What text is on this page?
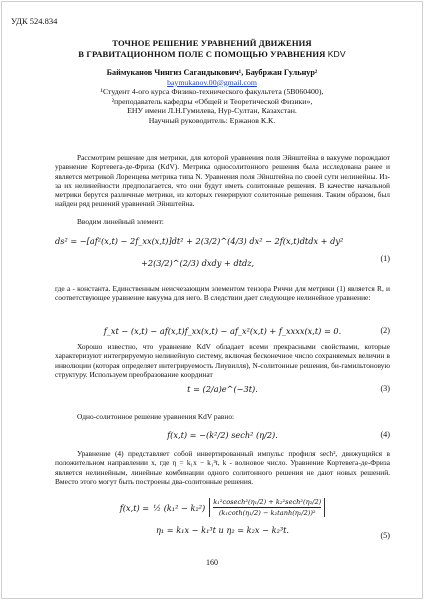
УДК 524.834
ТОЧНОЕ РЕШЕНИЕ УРАВНЕНИЙ ДВИЖЕНИЯ
В ГРАВИТАЦИОННОМ ПОЛЕ С ПОМОЩЬЮ УРАВНЕНИЯ KDV
Баймуканов Чингиз Сагандыкович¹, Баубржан Гульнур²
baymukanov.00@gmail.com
¹Студент 4-ого курса Физико-технического факультета (5В060400),
²преподаватель кафедры «Общей и Теоретической Физики»,
ЕНУ имени Л.Н.Гумилева, Нур-Султан, Казахстан.
Научный руководитель: Ержанов К.К.
Рассмотрим решение для метрики, для которой уравнения поля Эйнштейна в вакууме порождают уравнение Кортевега-де-Фриза (KdV). Метрика односолитонного решения была исследована ранее и является метрикой Лоренцева метрика типа N. Уравнения поля Эйнштейна по своей сути нелинейны. Из-за их нелинейности предполагается, что они будут иметь солитонные решения. В качестве начальной метрики берутся различные метрики, из которых генерируют солитонные решения. Таким образом, был найден ряд решений уравнений Эйнштейна.
Вводим линейный элемент:
ds² = −[af²(x,t) − 2f_xx(x,t)]dt² + 2(3/2)^(4/3) dx² − 2f(x,t)dtdx + dy²
+2(3/2)^(2/3) dxdy + dtdz,	(1)
где a - константа. Единственным неисчезающим элементом тензора Риччи для метрики (1) является R, и соответствующее уравнение вакуума для него. В следствии дает следующее нелинейное уравнение:
f_xt − (x,t) − af(x,t)f_xx(x,t) − af_x²(x,t) + f_xxxx(x,t) = 0.	(2)
Хорошо известно, что уравнение KdV обладает всеми прекрасными свойствами, которые характеризуют интегрируемую нелинейную систему, включая бесконечное число сохраняемых величин в инволюции (которая определяет интегрируемость Лиувилля), N-солитонные решения, би-гамильтоновую структуру. Используем преобразование координат
t = (2/a)e^(−3t).	(3)
Одно-солитонное решение уравнения KdV равно:
f(x,t) = −(k²/2) sech² (η/2).	(4)
Уравнение (4) представляет собой инвертированный импульс профиля sech², движущийся в положительном направлении x, где η = k₁x − k₁³t, k - волновое число. Уравнение Кортевега-де-Фриза является нелинейным, линейные комбинации одного солитонного решения не дают новых решений. Вместо этого могут быть построены два-солитонные решения.
f(x,t) = ½ (k₁² − k₂²)
k₁²cosech²(η₁/2) + k₂²sech²(η₂/2)
(k₁coth(η₁/2) − k₂tanh(η₂/2))²
η₁ = k₁x − k₁³t и η₂ = k₂x − k₂³t.
(5)
160
